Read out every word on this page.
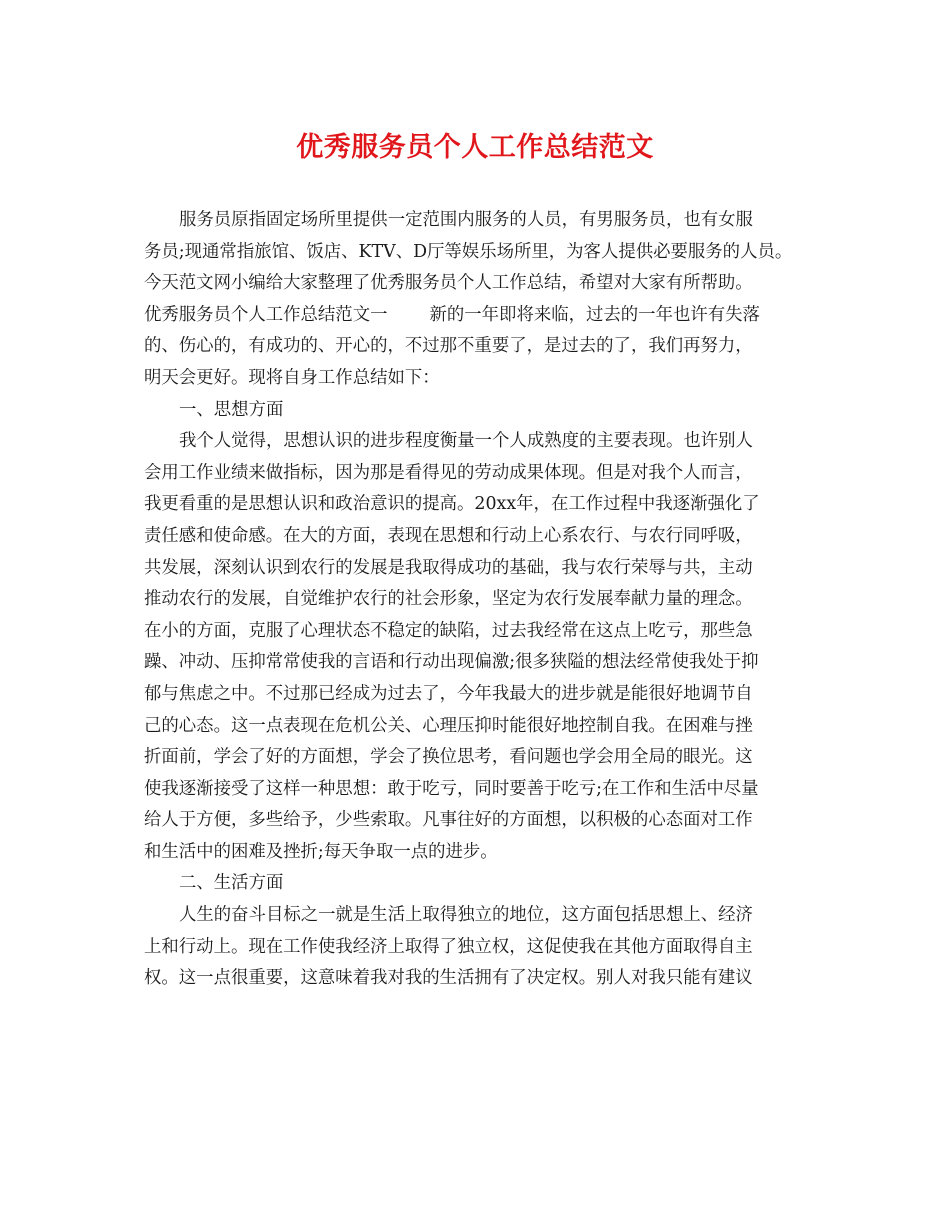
优秀服务员个人工作总结范文
服务员原指固定场所里提供一定范围内服务的人员，有男服务员，也有女服
务员;现通常指旅馆、饭店、KTV、D厅等娱乐场所里，为客人提供必要服务的人员。
今天范文网小编给大家整理了优秀服务员个人工作总结，希望对大家有所帮助。
优秀服务员个人工作总结范文一 新的一年即将来临，过去的一年也许有失落
的、伤心的，有成功的、开心的，不过那不重要了，是过去的了，我们再努力，
明天会更好。现将自身工作总结如下：
一、思想方面
我个人觉得，思想认识的进步程度衡量一个人成熟度的主要表现。也许别人
会用工作业绩来做指标，因为那是看得见的劳动成果体现。但是对我个人而言，
我更看重的是思想认识和政治意识的提高。20xx年，在工作过程中我逐渐强化了
责任感和使命感。在大的方面，表现在思想和行动上心系农行、与农行同呼吸，
共发展，深刻认识到农行的发展是我取得成功的基础，我与农行荣辱与共，主动
推动农行的发展，自觉维护农行的社会形象，坚定为农行发展奉献力量的理念。
在小的方面，克服了心理状态不稳定的缺陷，过去我经常在这点上吃亏，那些急
躁、冲动、压抑常常使我的言语和行动出现偏激;很多狭隘的想法经常使我处于抑
郁与焦虑之中。不过那已经成为过去了，今年我最大的进步就是能很好地调节自
己的心态。这一点表现在危机公关、心理压抑时能很好地控制自我。在困难与挫
折面前，学会了好的方面想，学会了换位思考，看问题也学会用全局的眼光。这
使我逐渐接受了这样一种思想：敢于吃亏，同时要善于吃亏;在工作和生活中尽量
给人于方便，多些给予，少些索取。凡事往好的方面想，以积极的心态面对工作
和生活中的困难及挫折;每天争取一点的进步。
二、生活方面
人生的奋斗目标之一就是生活上取得独立的地位，这方面包括思想上、经济
上和行动上。现在工作使我经济上取得了独立权，这促使我在其他方面取得自主
权。这一点很重要，这意味着我对我的生活拥有了决定权。别人对我只能有建议
